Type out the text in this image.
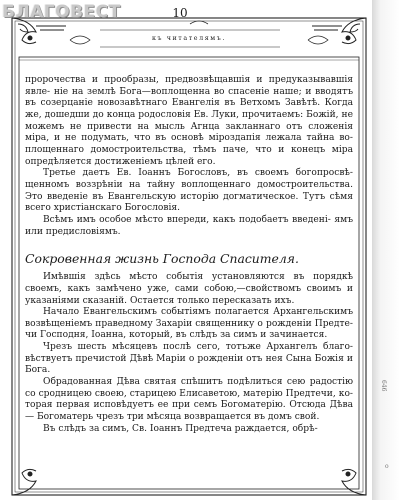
646
о
БЛАГОВЕСТ	10
къ читателямъ.

пророчества и прообразы, предвозвѣщавшія и предуказывавшія явле- ніе на землѣ Бога—воплощенна во спасеніе наше; и вводятъ въ созерцаніе новозавѣтнаго Евангелія въ Ветхомъ Завѣтѣ. Когда же, дошедши до конца родословія Ев. Луки, прочитаемъ: Божій, не можемъ не привести на мысль Агнца закланнаго отъ сложенія міра, и не подумать, что въ основѣ міроздапія лежала тайна во- площеннаго домостроительства, тѣмъ паче, что и конецъ міра опредѣляется достиженіемъ цѣлей его.

Третье даетъ Ев. Іоаннъ Богословъ, въ своемъ богопросвѣ- щенномъ воззрѣніи на тайну воплощеннаго домостроительства. Это введеніе въ Евангельскую исторію догматическое. Тутъ сѣмя всего христіанскаго Богословія.

Всѣмъ имъ особое мѣсто впереди, какъ подобаетъ введені- ямъ или предисловіямъ.

Сокровенная жизнь Господа Спасителя.

Имѣвшія здѣсь мѣсто событія установляются въ порядкѣ своемъ, какъ замѣчено уже, сами собою,—свойствомъ своимъ и указаніями сказаній. Остается только пересказать ихъ.

Начало Евангельскимъ событіямъ полагается Архангельскимъ возвѣщеніемъ праведному Захаріи священнику о рожденіи Предте- чи Господня, Іоанна, который, въ слѣдъ за симъ и зачинается.

Чрезъ шесть мѣсяцевъ послѣ сего, тотъже Архангелъ благо- вѣствуетъ пречистой Дѣвѣ Маріи о рожденіи отъ нея Сына Божія и Бога.

Обрадованная Дѣва святая спѣшитъ подѣлиться сею радостію со сродницею своею, старицею Елисаветою, матерію Предтечи, ко- торая первая исповѣдуетъ ее при семъ Богоматерію. Отсюда Дѣва— Богоматерь чрезъ три мѣсяца возвращается въ домъ свой.

Въ слѣдъ за симъ, Св. Іоаннъ Предтеча раждается, обрѣ-
